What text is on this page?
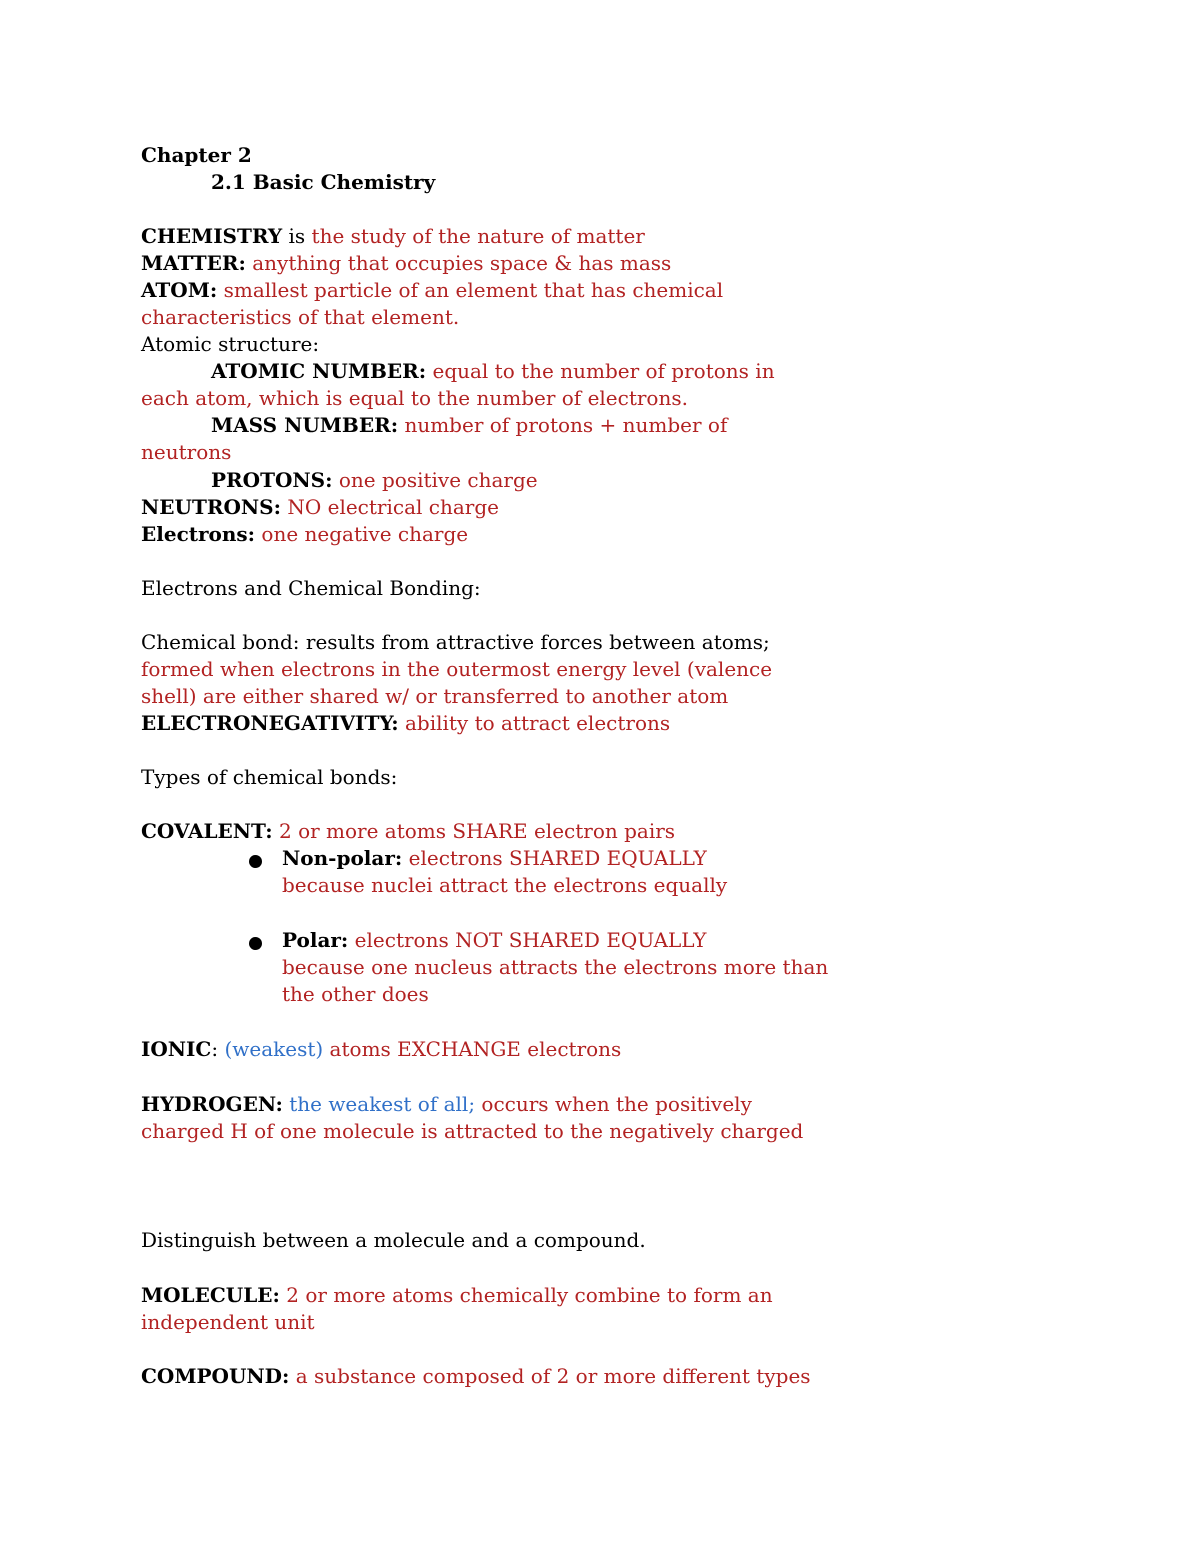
Chapter 2
2.1 Basic Chemistry
CHEMISTRY is the study of the nature of matter
MATTER: anything that occupies space & has mass
ATOM: smallest particle of an element that has chemical
characteristics of that element.
Atomic structure:
ATOMIC NUMBER: equal to the number of protons in
each atom, which is equal to the number of electrons.
MASS NUMBER: number of protons + number of
neutrons
PROTONS: one positive charge
NEUTRONS: NO electrical charge
Electrons: one negative charge
Electrons and Chemical Bonding:
Chemical bond: results from attractive forces between atoms;
formed when electrons in the outermost energy level (valence
shell) are either shared w/ or transferred to another atom
ELECTRONEGATIVITY: ability to attract electrons
Types of chemical bonds:
COVALENT: 2 or more atoms SHARE electron pairs
Non-polar: electrons SHARED EQUALLY
because nuclei attract the electrons equally
Polar: electrons NOT SHARED EQUALLY
because one nucleus attracts the electrons more than
the other does
IONIC: (weakest) atoms EXCHANGE electrons
HYDROGEN: the weakest of all; occurs when the positively
charged H of one molecule is attracted to the negatively charged
Distinguish between a molecule and a compound.
MOLECULE: 2 or more atoms chemically combine to form an
independent unit
COMPOUND: a substance composed of 2 or more different types
